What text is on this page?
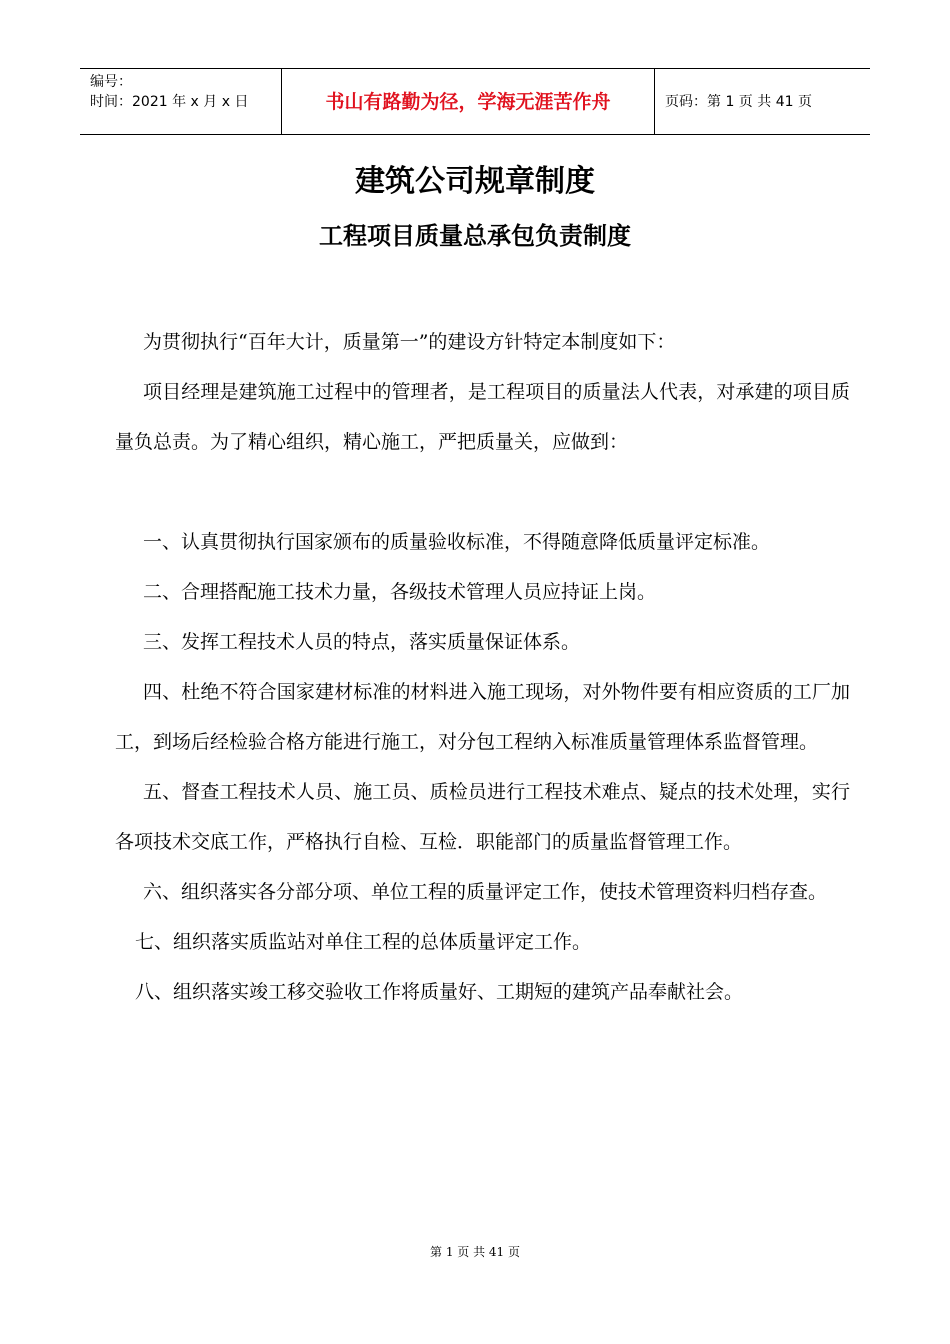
编号：
时间：2021 年 x 月 x 日	书山有路勤为径，学海无涯苦作舟	页码：第 1 页 共 41 页
建筑公司规章制度
工程项目质量总承包负责制度

为贯彻执行“百年大计，质量第一”的建设方针特定本制度如下：

项目经理是建筑施工过程中的管理者，是工程项目的质量法人代表，对承建的项目质量负总责。为了精心组织，精心施工，严把质量关，应做到：

一、认真贯彻执行国家颁布的质量验收标准，不得随意降低质量评定标准。

二、合理搭配施工技术力量，各级技术管理人员应持证上岗。

三、发挥工程技术人员的特点，落实质量保证体系。

四、杜绝不符合国家建材标准的材料进入施工现场，对外物件要有相应资质的工厂加工，到场后经检验合格方能进行施工，对分包工程纳入标准质量管理体系监督管理。

五、督查工程技术人员、施工员、质检员进行工程技术难点、疑点的技术处理，实行各项技术交底工作，严格执行自检、互检．职能部门的质量监督管理工作。

六、组织落实各分部分项、单位工程的质量评定工作，使技术管理资料归档存查。

七、组织落实质监站对单住工程的总体质量评定工作。

八、组织落实竣工移交验收工作将质量好、工期短的建筑产品奉献社会。

第 1 页 共 41 页
